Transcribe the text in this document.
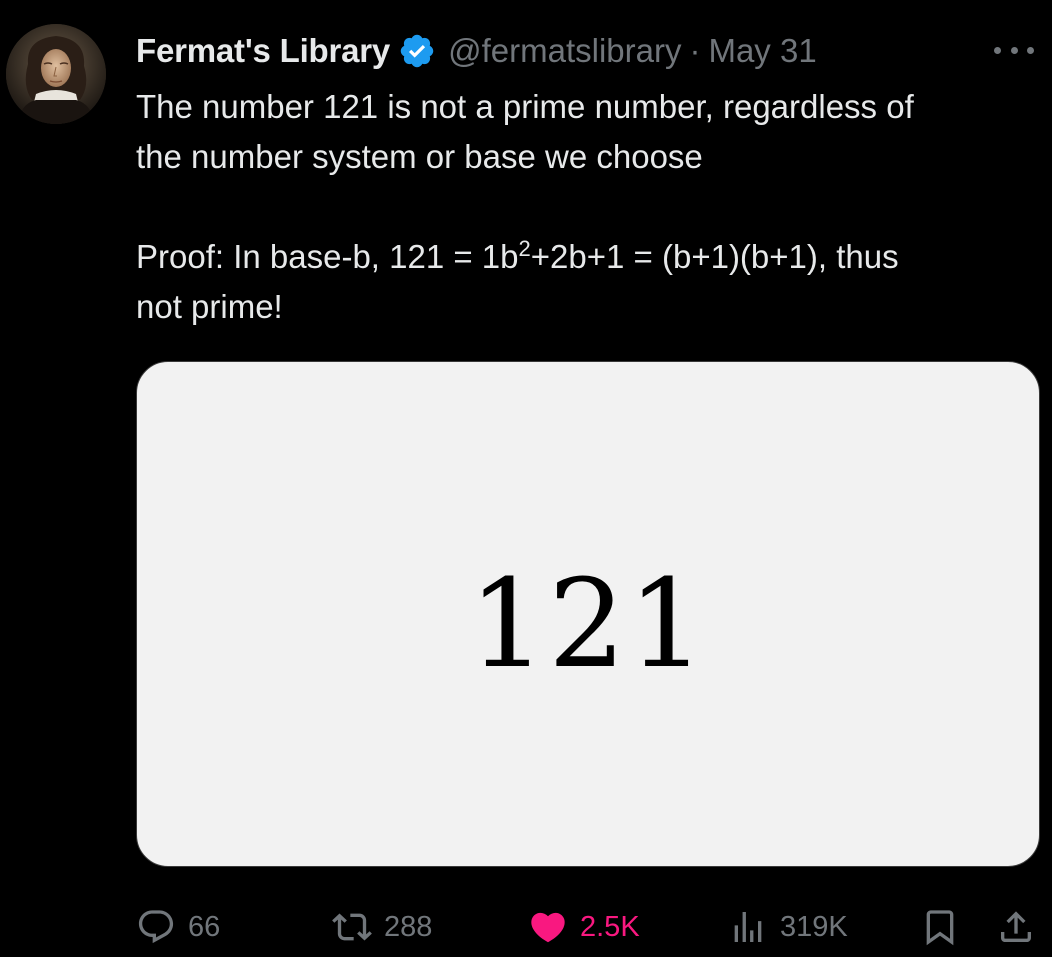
Fermat's Library @fermatslibrary · May 31

The number 121 is not a prime number, regardless of

the number system or base we choose

Proof: In base-b, $121 = 1b^2+2b+1 = (b+1)(b+1)$, thus

not prime!

121
66	288	2.5K	319K
